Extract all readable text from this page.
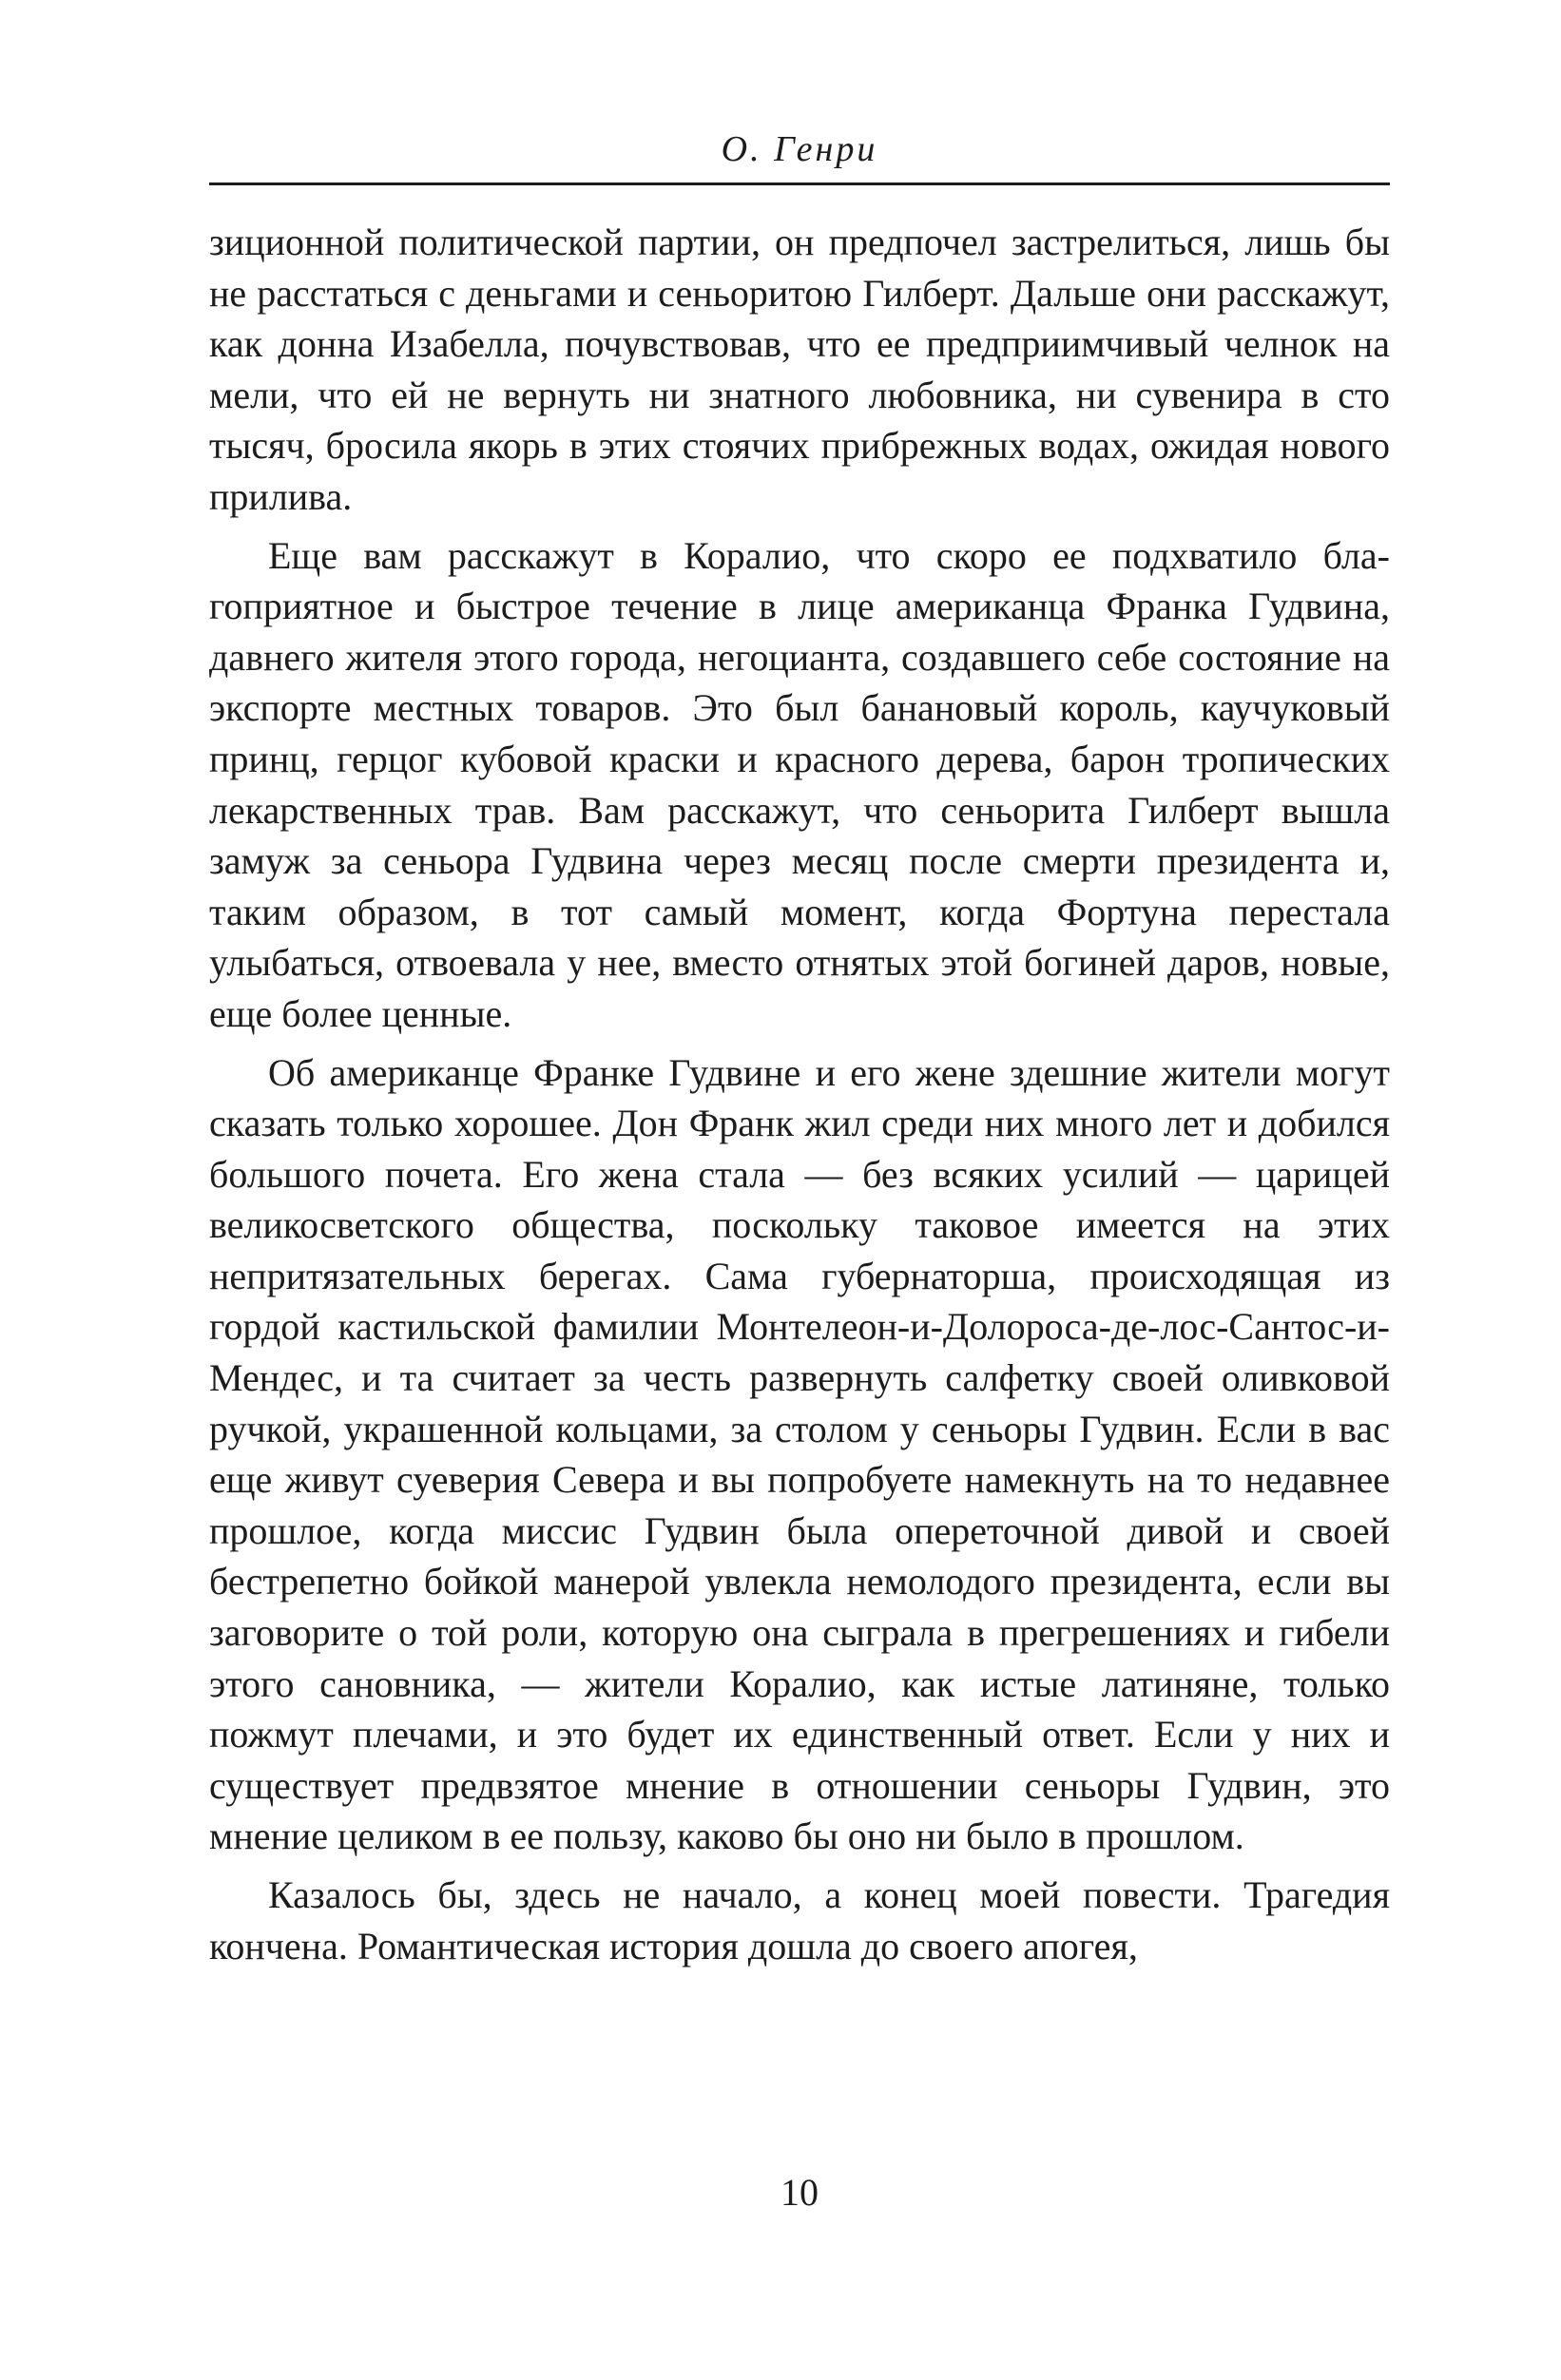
О. Генри

зиционной политической партии, он предпочел застрелиться, лишь бы не расстаться с деньгами и сеньоритою Гилберт. Дальше они расскажут, как донна Изабелла, почувствовав, что ее предприимчивый челнок на мели, что ей не вернуть ни знатного любовника, ни сувенира в сто тысяч, бросила якорь в этих стоячих прибрежных водах, ожидая нового прилива.

Еще вам расскажут в Коралио, что скоро ее подхватило благоприятное и быстрое течение в лице американца Франка Гудвина, давнего жителя этого города, негоцианта, создавшего себе состояние на экспорте местных товаров. Это был банановый король, каучуковый принц, герцог кубовой краски и красного дерева, барон тропических лекарственных трав. Вам расскажут, что сеньорита Гилберт вышла замуж за сеньора Гудвина через месяц после смерти президента и, таким образом, в тот самый момент, когда Фортуна перестала улыбаться, отвоевала у нее, вместо отнятых этой богиней даров, новые, еще более ценные.

Об американце Франке Гудвине и его жене здешние жители могут сказать только хорошее. Дон Франк жил среди них много лет и добился большого почета. Его жена стала — без всяких усилий — царицей великосветского общества, поскольку таковое имеется на этих непритязательных берегах. Сама губернаторша, происходящая из гордой кастильской фамилии Монтелеон-и-Долороса-де-лос-Сантос-и-Мендес, и та считает за честь развернуть салфетку своей оливковой ручкой, украшенной кольцами, за столом у сеньоры Гудвин. Если в вас еще живут суеверия Севера и вы попробуете намекнуть на то недавнее прошлое, когда миссис Гудвин была опереточной дивой и своей бестрепетно бойкой манерой увлекла немолодого президента, если вы заговорите о той роли, которую она сыграла в прегрешениях и гибели этого сановника, — жители Коралио, как истые латиняне, только пожмут плечами, и это будет их единственный ответ. Если у них и существует предвзятое мнение в отношении сеньоры Гудвин, это мнение целиком в ее пользу, каково бы оно ни было в прошлом.

Казалось бы, здесь не начало, а конец моей повести. Трагедия кончена. Романтическая история дошла до своего апогея,

10
